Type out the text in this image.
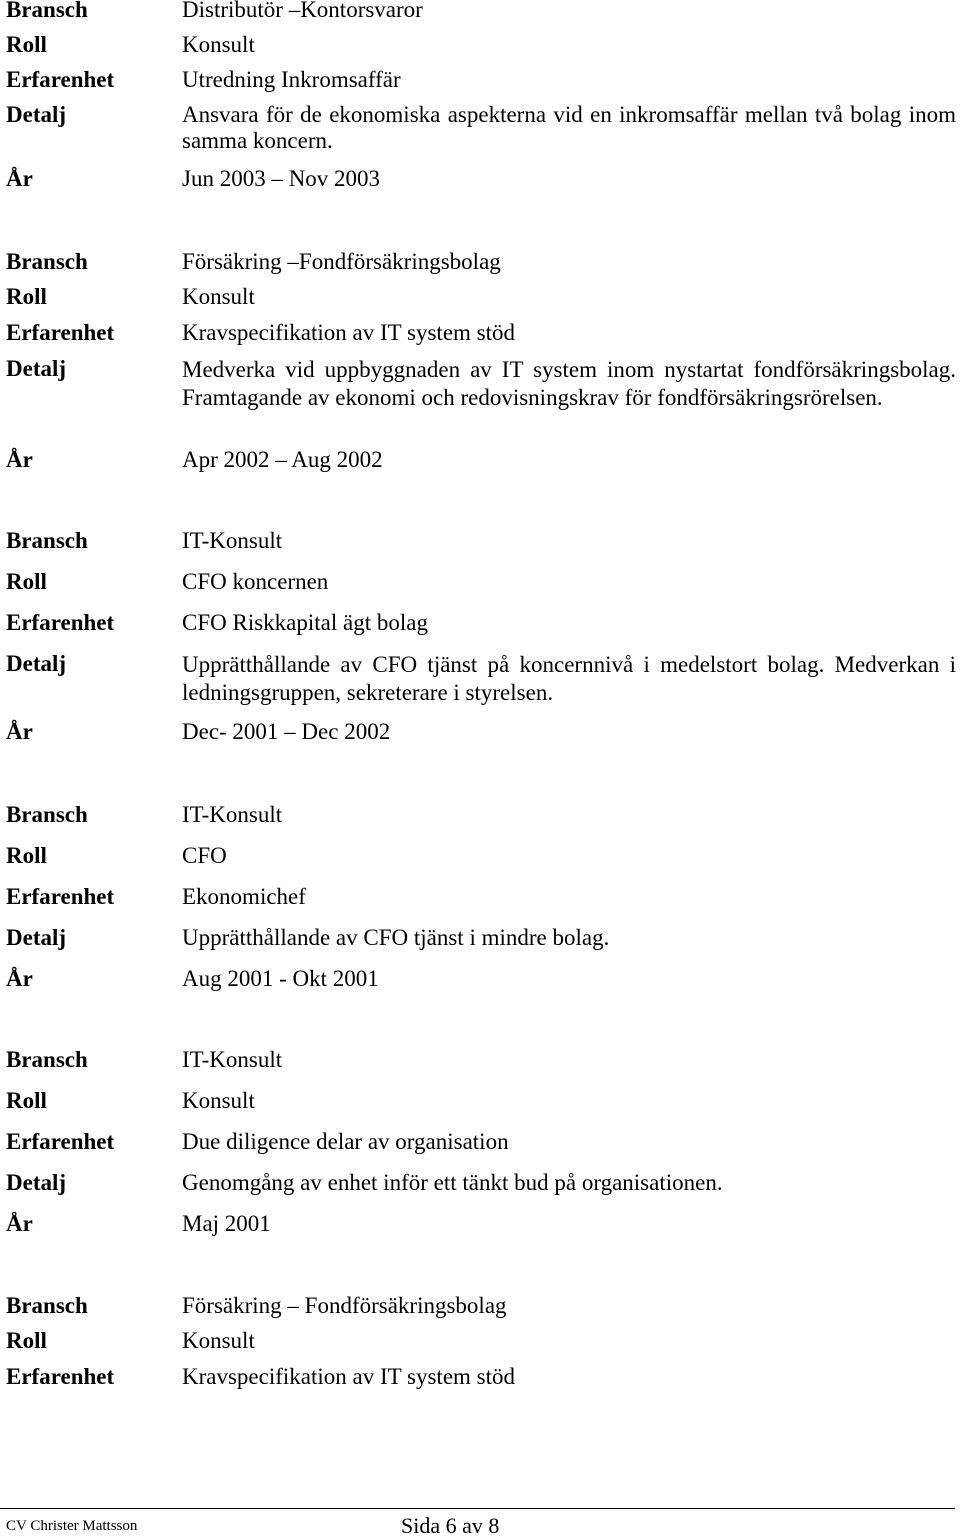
Bransch	Distributör –Kontorsvaror
Roll	Konsult
Erfarenhet	Utredning Inkromsaffär
Detalj	Ansvara för de ekonomiska aspekterna vid en inkromsaffär mellan två bolag inom samma koncern.
År	Jun 2003 – Nov 2003
Bransch	Försäkring –Fondförsäkringsbolag
Roll	Konsult
Erfarenhet	Kravspecifikation av IT system stöd
Detalj	Medverka vid uppbyggnaden av IT system inom nystartat fondförsäkringsbolag. Framtagande av ekonomi och redovisningskrav för fondförsäkringsrörelsen.
År	Apr 2002 – Aug 2002
Bransch	IT-Konsult
Roll	CFO koncernen
Erfarenhet	CFO Riskkapital ägt bolag
Detalj	Upprätthållande av CFO tjänst på koncernnivå i medelstort bolag. Medverkan i ledningsgruppen, sekreterare i styrelsen.
År	Dec- 2001 – Dec 2002
Bransch	IT-Konsult
Roll	CFO
Erfarenhet	Ekonomichef
Detalj	Upprätthållande av CFO tjänst i mindre bolag.
År	Aug 2001 - Okt 2001
Bransch	IT-Konsult
Roll	Konsult
Erfarenhet	Due diligence delar av organisation
Detalj	Genomgång av enhet inför ett tänkt bud på organisationen.
År	Maj 2001
Bransch	Försäkring – Fondförsäkringsbolag
Roll	Konsult
Erfarenhet	Kravspecifikation av IT system stöd
CV Christer Mattsson	Sida 6 av 8
